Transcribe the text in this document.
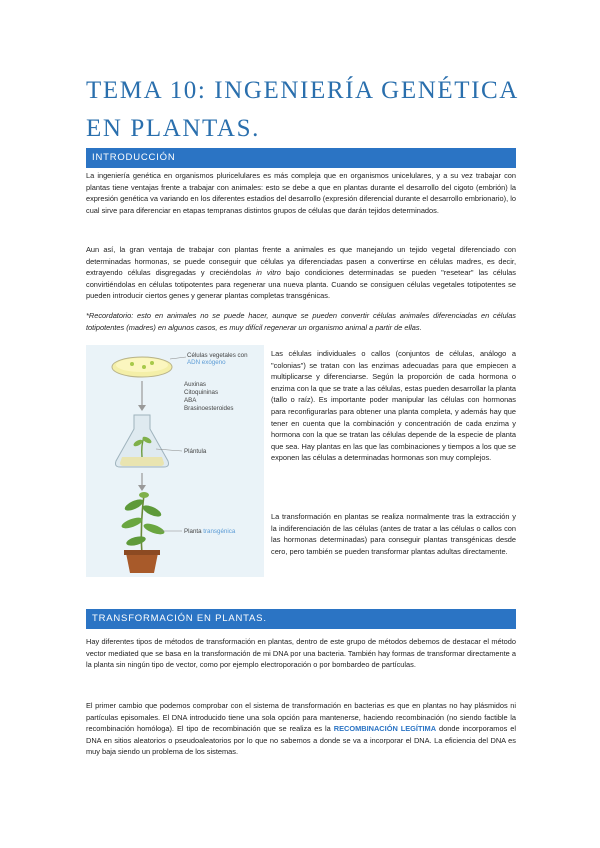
TEMA 10: INGENIERÍA GENÉTICA EN PLANTAS.
INTRODUCCIÓN

La ingeniería genética en organismos pluricelulares es más compleja que en organismos unicelulares, y a su vez trabajar con plantas tiene ventajas frente a trabajar con animales: esto se debe a que en plantas durante el desarrollo del cigoto (embrión) la expresión genética va variando en los diferentes estadios del desarrollo (expresión diferencial durante el desarrollo embrionario), lo cual sirve para diferenciar en etapas tempranas distintos grupos de células que darán tejidos determinados.

Aun así, la gran ventaja de trabajar con plantas frente a animales es que manejando un tejido vegetal diferenciado con determinadas hormonas, se puede conseguir que células ya diferenciadas pasen a convertirse en células madres, es decir, extrayendo células disgregadas y creciéndolas in vitro bajo condiciones determinadas se pueden "resetear" las células convirtiéndolas en células totipotentes para regenerar una nueva planta. Cuando se consiguen células vegetales totipotentes se pueden introducir ciertos genes y generar plantas completas transgénicas.

*Recordatorio: esto en animales no se puede hacer, aunque se pueden convertir células animales diferenciadas en células totipotentes (madres) en algunos casos, es muy difícil regenerar un organismo animal a partir de ellas.

Células vegetales con
ADN exógeno
Auxinas
Citoquininas
ABA
Brasinoesteroides
Plántula
Planta transgénica

Las células individuales o callos (conjuntos de células, análogo a "colonias") se tratan con las enzimas adecuadas para que empiecen a multiplicarse y diferenciarse. Según la proporción de cada hormona o enzima con la que se trate a las células, estas pueden desarrollar la planta (tallo o raíz). Es importante poder manipular las células con hormonas para reconfigurarlas para obtener una planta completa, y además hay que tener en cuenta que la combinación y concentración de cada enzima y hormona con la que se tratan las células depende de la especie de planta que sea. Hay plantas en las que las combinaciones y tiempos a los que se exponen las células a determinadas hormonas son muy complejos.

La transformación en plantas se realiza normalmente tras la extracción y la indiferenciación de las células (antes de tratar a las células o callos con las hormonas determinadas) para conseguir plantas transgénicas desde cero, pero también se pueden transformar plantas adultas directamente.

TRANSFORMACIÓN EN PLANTAS.

Hay diferentes tipos de métodos de transformación en plantas, dentro de este grupo de métodos debemos de destacar el método vector mediated que se basa en la transformación de mi DNA por una bacteria. También hay formas de transformar directamente a la planta sin ningún tipo de vector, como por ejemplo electroporación o por bombardeo de partículas.

El primer cambio que podemos comprobar con el sistema de transformación en bacterias es que en plantas no hay plásmidos ni partículas episomales. El DNA introducido tiene una sola opción para mantenerse, haciendo recombinación (no siendo factible la recombinación homóloga). El tipo de recombinación que se realiza es la RECOMBINACIÓN LEGÍTIMA donde incorporamos el DNA en sitios aleatorios o pseudoaleatorios por lo que no sabemos a donde se va a incorporar el DNA. La eficiencia del DNA es muy baja siendo un problema de los sistemas.
